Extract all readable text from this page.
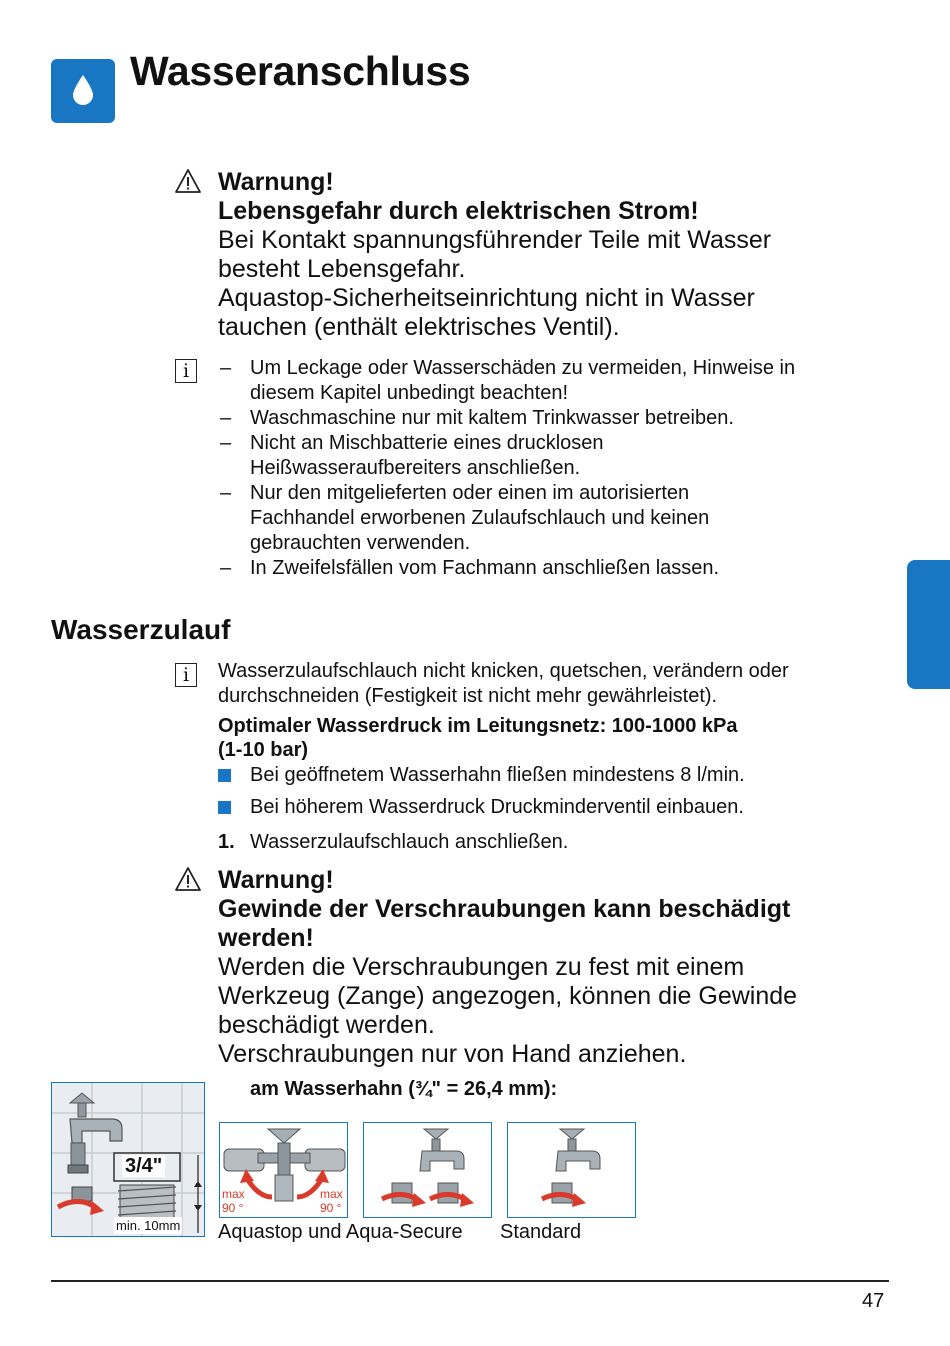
Wasseranschluss
Warnung!
Lebensgefahr durch elektrischen Strom!
Bei Kontakt spannungsführender Teile mit Wasser
besteht Lebensgefahr.
Aquastop-Sicherheitseinrichtung nicht in Wasser
tauchen (enthält elektrisches Ventil).
i
–	Um Leckage oder Wasserschäden zu vermeiden, Hinweise in
diesem Kapitel unbedingt beachten!
– Waschmaschine nur mit kaltem Trinkwasser betreiben.
– Nicht an Mischbatterie eines drucklosen
Heißwasseraufbereiters anschließen.
– Nur den mitgelieferten oder einen im autorisierten
Fachhandel erworbenen Zulaufschlauch und keinen
gebrauchten verwenden.
– In Zweifelsfällen vom Fachmann anschließen lassen.
Wasserzulauf
i	Wasserzulaufschlauch nicht knicken, quetschen, verändern oder
durchschneiden (Festigkeit ist nicht mehr gewährleistet).
Optimaler Wasserdruck im Leitungsnetz: 100-1000 kPa
(1-10 bar)
Bei geöffnetem Wasserhahn fließen mindestens 8 l/min.
Bei höherem Wasserdruck Druckminderventil einbauen.
1. Wasserzulaufschlauch anschließen.
Warnung!
Gewinde der Verschraubungen kann beschädigt
werden!
Werden die Verschraubungen zu fest mit einem
Werkzeug (Zange) angezogen, können die Gewinde
beschädigt werden.
Verschraubungen nur von Hand anziehen.
am Wasserhahn (¾" = 26,4 mm):
3/4"
min. 10mm
max
90 °
max
90 °
Aquastop und Aqua-Secure Standard
47
